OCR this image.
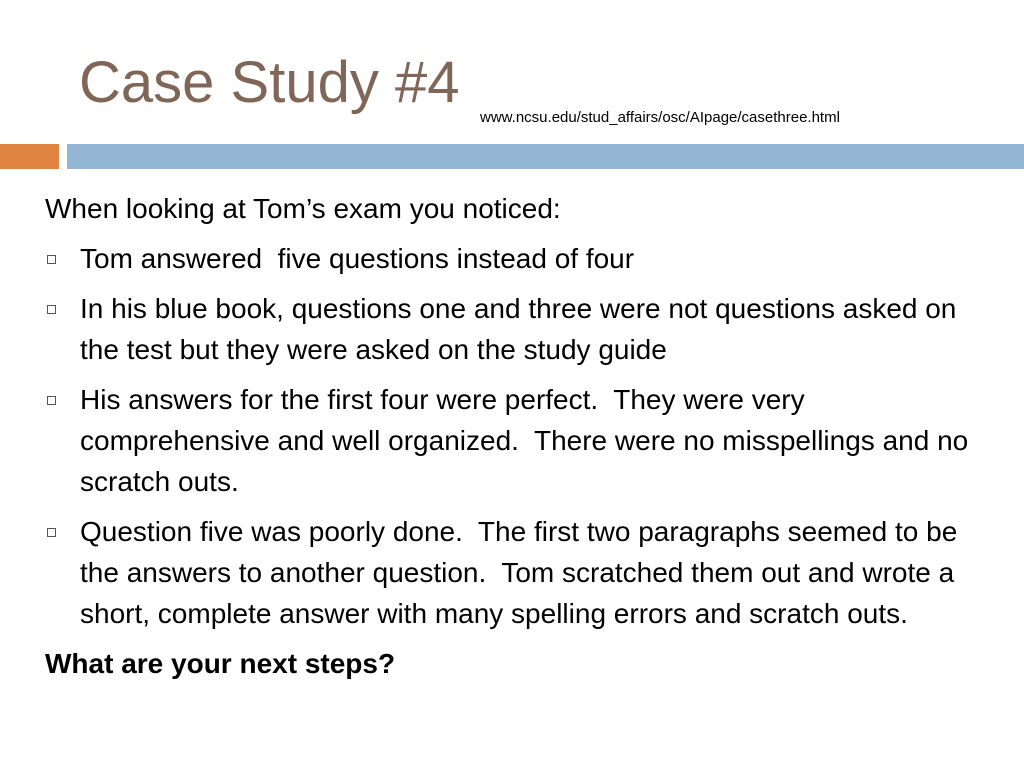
Case Study #4
www.ncsu.edu/stud_affairs/osc/AIpage/casethree.html

When looking at Tom’s exam you noticed:

Tom answered  five questions instead of four
In his blue book, questions one and three were not questions asked on the test but they were asked on the study guide
His answers for the first four were perfect.  They were very comprehensive and well organized.  There were no misspellings and no scratch outs.
Question five was poorly done.  The first two paragraphs seemed to be the answers to another question.  Tom scratched them out and wrote a short, complete answer with many spelling errors and scratch outs.

What are your next steps?
